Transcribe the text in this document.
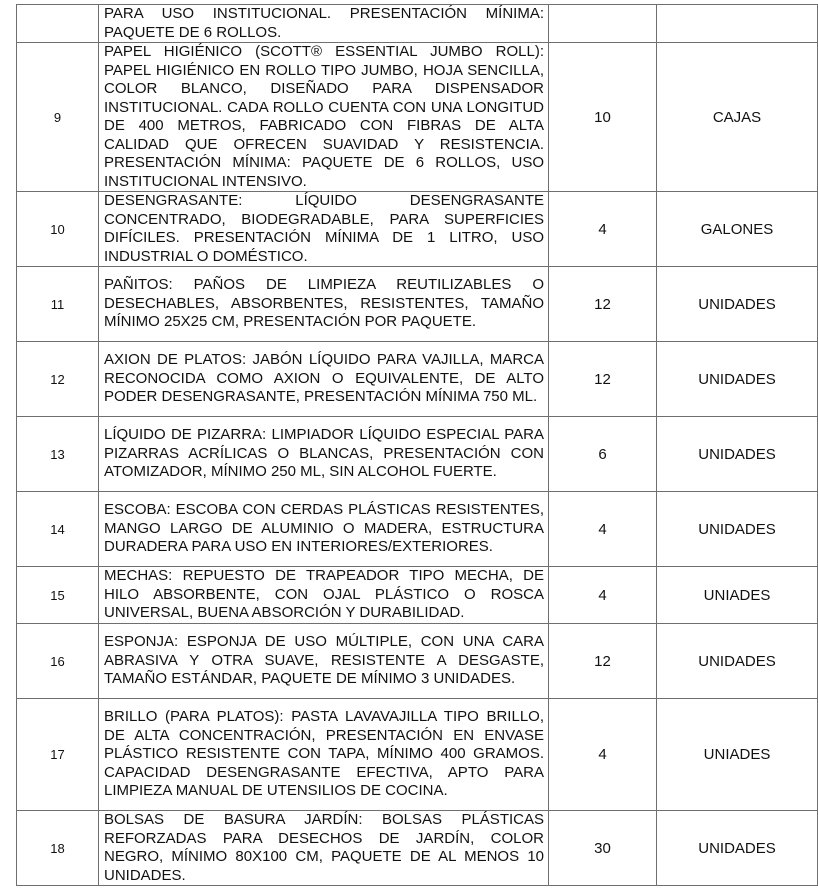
	PARA USO INSTITUCIONAL. PRESENTACIÓN MÍNIMA: PAQUETE DE 6 ROLLOS.		

9	PAPEL HIGIÉNICO (SCOTT® ESSENTIAL JUMBO ROLL): PAPEL HIGIÉNICO EN ROLLO TIPO JUMBO, HOJA SENCILLA, COLOR BLANCO, DISEÑADO PARA DISPENSADOR INSTITUCIONAL. CADA ROLLO CUENTA CON UNA LONGITUD DE 400 METROS, FABRICADO CON FIBRAS DE ALTA CALIDAD QUE OFRECEN SUAVIDAD Y RESISTENCIA. PRESENTACIÓN MÍNIMA: PAQUETE DE 6 ROLLOS, USO INSTITUCIONAL INTENSIVO.	10	CAJAS
10	DESENGRASANTE: LÍQUIDO DESENGRASANTE CONCENTRADO, BIODEGRADABLE, PARA SUPERFICIES DIFÍCILES. PRESENTACIÓN MÍNIMA DE 1 LITRO, USO INDUSTRIAL O DOMÉSTICO.	4	GALONES
11	PAÑITOS: PAÑOS DE LIMPIEZA REUTILIZABLES O DESECHABLES, ABSORBENTES, RESISTENTES, TAMAÑO MÍNIMO 25X25 CM, PRESENTACIÓN POR PAQUETE.	12	UNIDADES
12	AXION DE PLATOS: JABÓN LÍQUIDO PARA VAJILLA, MARCA RECONOCIDA COMO AXION O EQUIVALENTE, DE ALTO PODER DESENGRASANTE, PRESENTACIÓN MÍNIMA 750 ML.	12	UNIDADES
13	LÍQUIDO DE PIZARRA: LIMPIADOR LÍQUIDO ESPECIAL PARA PIZARRAS ACRÍLICAS O BLANCAS, PRESENTACIÓN CON ATOMIZADOR, MÍNIMO 250 ML, SIN ALCOHOL FUERTE.	6	UNIDADES
14	ESCOBA: ESCOBA CON CERDAS PLÁSTICAS RESISTENTES, MANGO LARGO DE ALUMINIO O MADERA, ESTRUCTURA DURADERA PARA USO EN INTERIORES/EXTERIORES.	4	UNIDADES
15	MECHAS: REPUESTO DE TRAPEADOR TIPO MECHA, DE HILO ABSORBENTE, CON OJAL PLÁSTICO O ROSCA UNIVERSAL, BUENA ABSORCIÓN Y DURABILIDAD.	4	UNIADES
16	ESPONJA: ESPONJA DE USO MÚLTIPLE, CON UNA CARA ABRASIVA Y OTRA SUAVE, RESISTENTE A DESGASTE, TAMAÑO ESTÁNDAR, PAQUETE DE MÍNIMO 3 UNIDADES.	12	UNIDADES
17	BRILLO (PARA PLATOS): PASTA LAVAVAJILLA TIPO BRILLO, DE ALTA CONCENTRACIÓN, PRESENTACIÓN EN ENVASE PLÁSTICO RESISTENTE CON TAPA, MÍNIMO 400 GRAMOS. CAPACIDAD DESENGRASANTE EFECTIVA, APTO PARA LIMPIEZA MANUAL DE UTENSILIOS DE COCINA.	4	UNIADES
18	BOLSAS DE BASURA JARDÍN: BOLSAS PLÁSTICAS REFORZADAS PARA DESECHOS DE JARDÍN, COLOR NEGRO, MÍNIMO 80X100 CM, PAQUETE DE AL MENOS 10 UNIDADES.	30	UNIDADES
